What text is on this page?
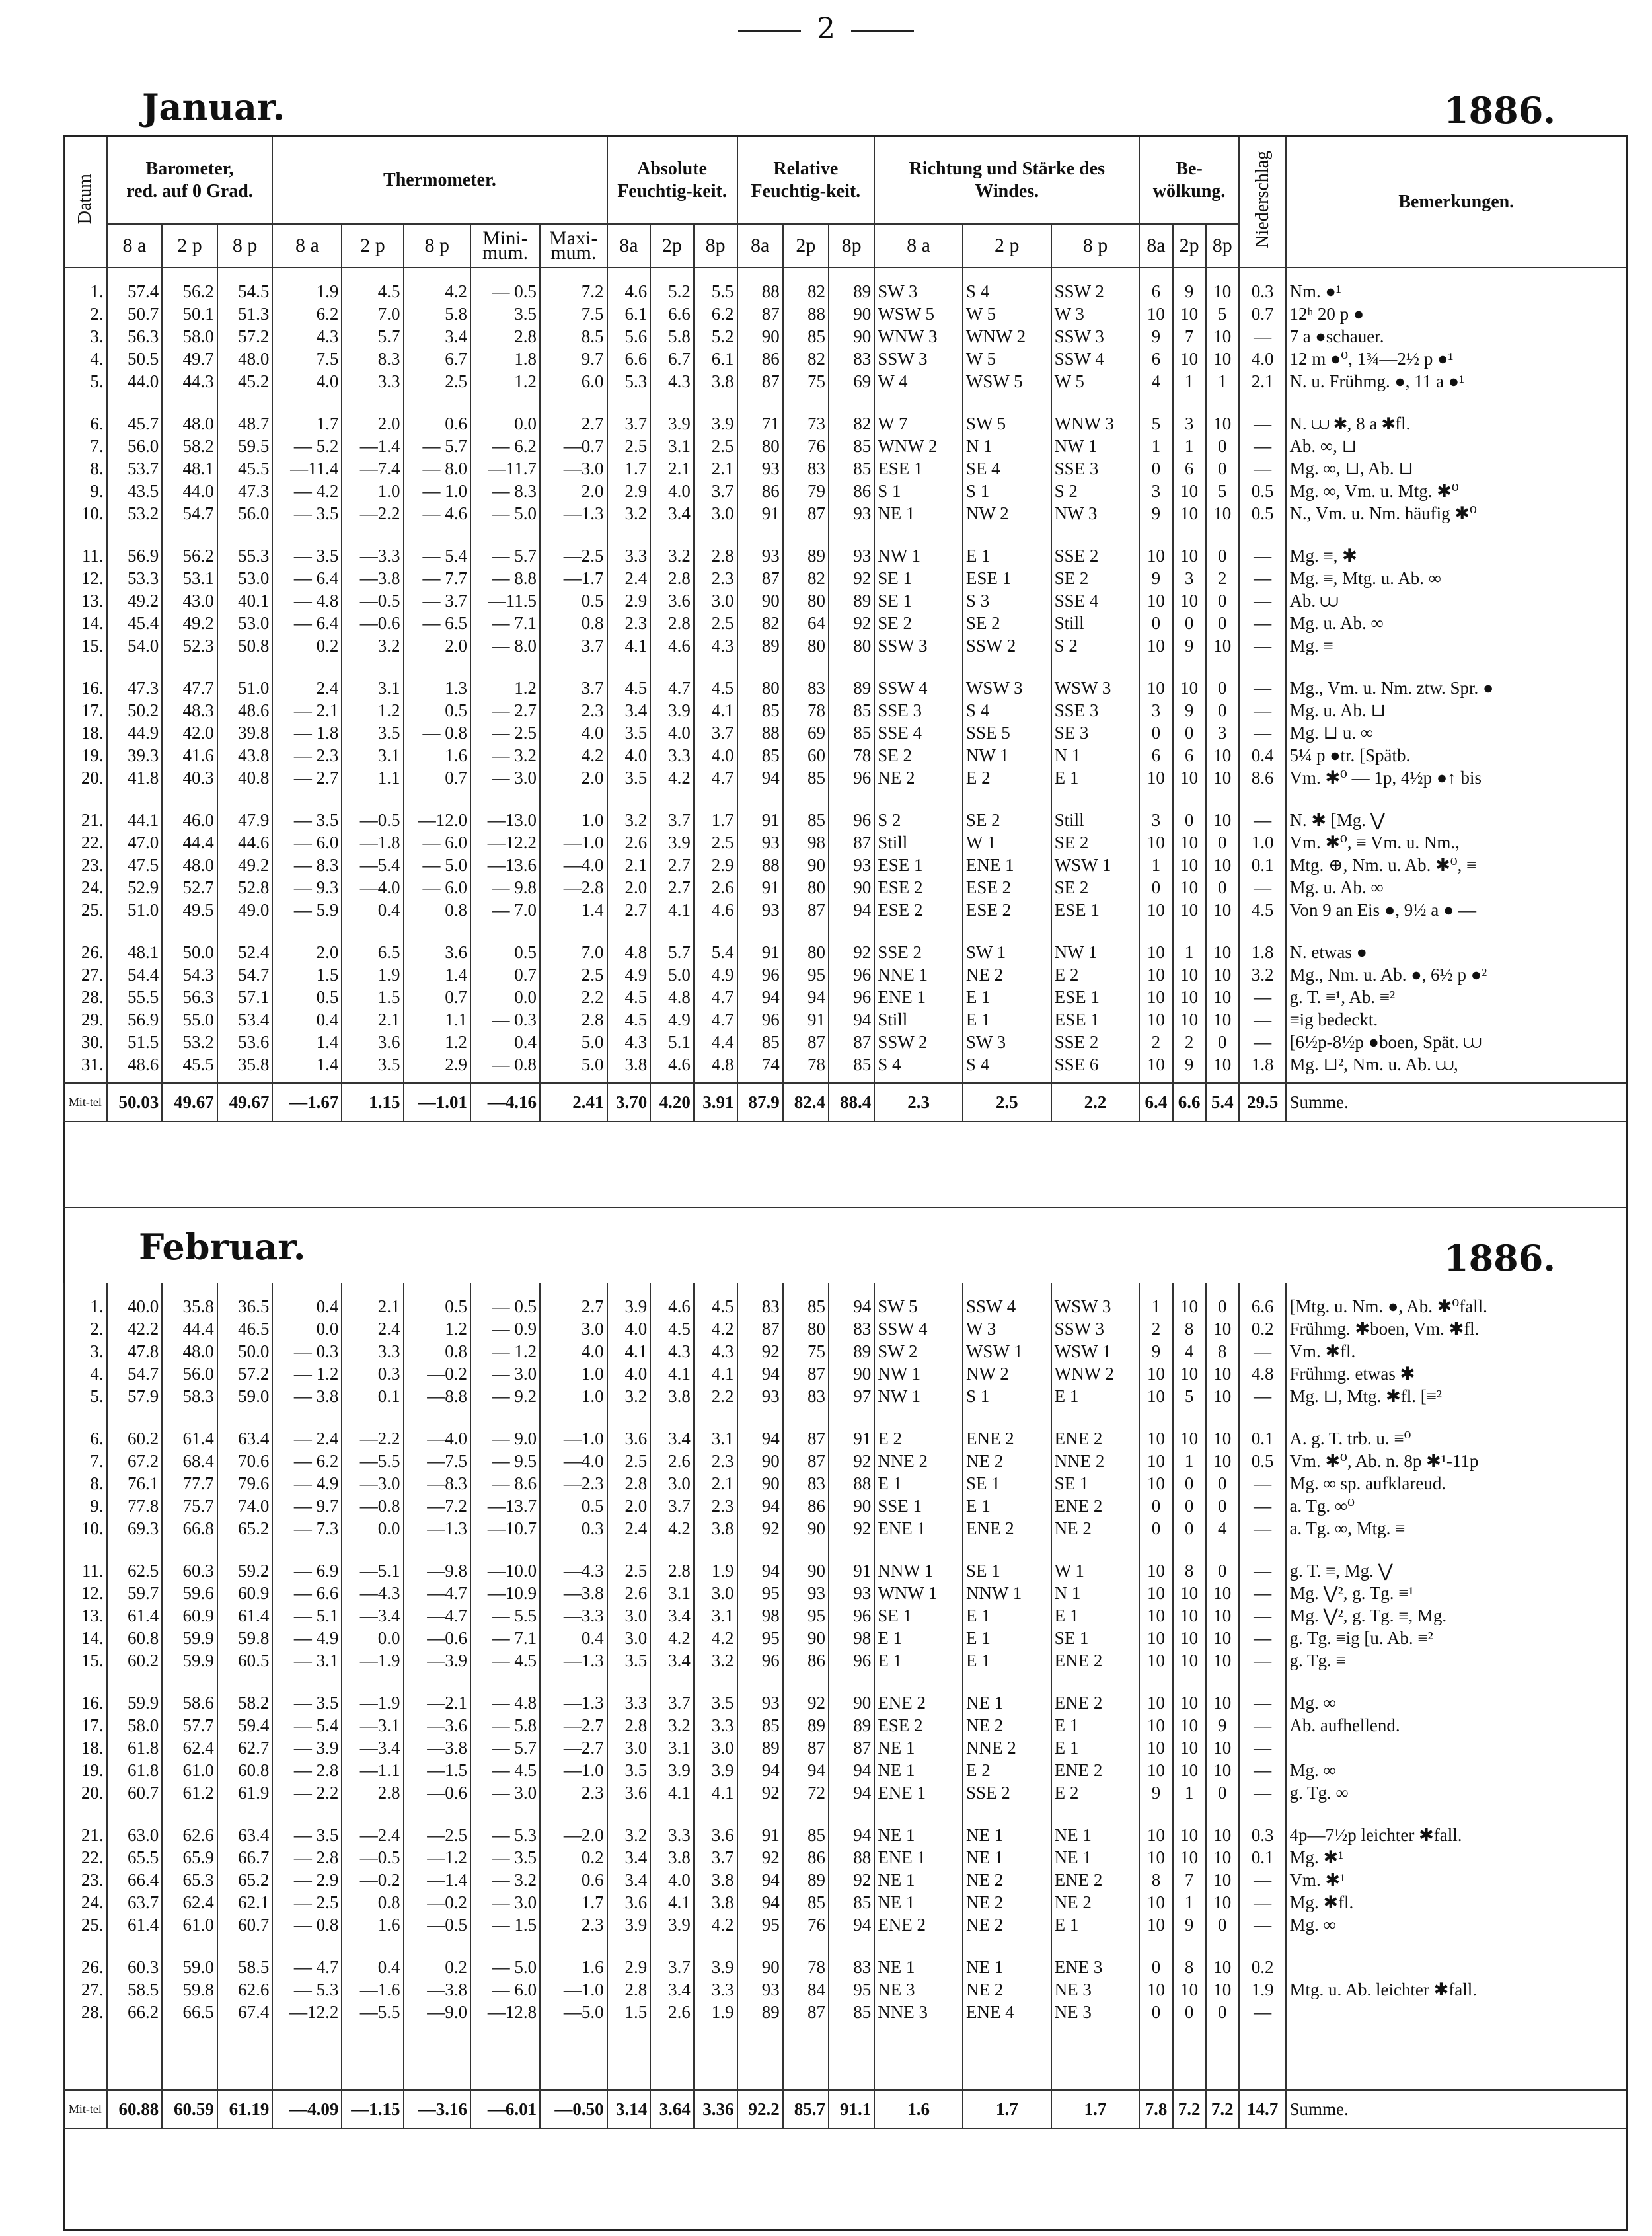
2
Januar.	1886.
Februar.	1886.
Datum	Barometer,
red. auf 0 Grad.			Thermometer.					Absolute Feuchtig-keit.			Relative Feuchtig-keit.			Richtung und Stärke des Windes.			Be-wölkung.			Niederschlag	Bemerkungen.
	8 a	2 p	8 p	8 a	2 p	8 p	Mini-mum.	Maxi-mum.	8a	2p	8p	8a	2p	8p	8 a	2 p	8 p	8a	2p	8p		

1.	57.4	56.2	54.5	1.9	4.5	4.2	— 0.5	7.2	4.6	5.2	5.5	88	82	89	SW 3	S 4	SSW 2	6	9	10	0.3	Nm. ●¹
2.	50.7	50.1	51.3	6.2	7.0	5.8	3.5	7.5	6.1	6.6	6.2	87	88	90	WSW 5	W 5	W 3	10	10	5	0.7	12ʰ 20 p ●
3.	56.3	58.0	57.2	4.3	5.7	3.4	2.8	8.5	5.6	5.8	5.2	90	85	90	WNW 3	WNW 2	SSW 3	9	7	10	—	7 a ●schauer.
4.	50.5	49.7	48.0	7.5	8.3	6.7	1.8	9.7	6.6	6.7	6.1	86	82	83	SSW 3	W 5	SSW 4	6	10	10	4.0	12 m ●⁰, 1¾—2½ p ●¹
5.	44.0	44.3	45.2	4.0	3.3	2.5	1.2	6.0	5.3	4.3	3.8	87	75	69	W 4	WSW 5	W 5	4	1	1	2.1	N. u. Frühmg. ●, 11 a ●¹

6.	45.7	48.0	48.7	1.7	2.0	0.6	0.0	2.7	3.7	3.9	3.9	71	73	82	W 7	SW 5	WNW 3	5	3	10	—	N. ⩊ ✱, 8 a ✱fl.
7.	56.0	58.2	59.5	— 5.2	—1.4	— 5.7	— 6.2	—0.7	2.5	3.1	2.5	80	76	85	WNW 2	N 1	NW 1	1	1	0	—	Ab. ∞, ⊔
8.	53.7	48.1	45.5	—11.4	—7.4	— 8.0	—11.7	—3.0	1.7	2.1	2.1	93	83	85	ESE 1	SE 4	SSE 3	0	6	0	—	Mg. ∞, ⊔, Ab. ⊔
9.	43.5	44.0	47.3	— 4.2	1.0	— 1.0	— 8.3	2.0	2.9	4.0	3.7	86	79	86	S 1	S 1	S 2	3	10	5	0.5	Mg. ∞, Vm. u. Mtg. ✱⁰
10.	53.2	54.7	56.0	— 3.5	—2.2	— 4.6	— 5.0	—1.3	3.2	3.4	3.0	91	87	93	NE 1	NW 2	NW 3	9	10	10	0.5	N., Vm. u. Nm. häufig ✱⁰

11.	56.9	56.2	55.3	— 3.5	—3.3	— 5.4	— 5.7	—2.5	3.3	3.2	2.8	93	89	93	NW 1	E 1	SSE 2	10	10	0	—	Mg. ≡, ✱
12.	53.3	53.1	53.0	— 6.4	—3.8	— 7.7	— 8.8	—1.7	2.4	2.8	2.3	87	82	92	SE 1	ESE 1	SE 2	9	3	2	—	Mg. ≡, Mtg. u. Ab. ∞
13.	49.2	43.0	40.1	— 4.8	—0.5	— 3.7	—11.5	0.5	2.9	3.6	3.0	90	80	89	SE 1	S 3	SSE 4	10	10	0	—	Ab. ⩊
14.	45.4	49.2	53.0	— 6.4	—0.6	— 6.5	— 7.1	0.8	2.3	2.8	2.5	82	64	92	SE 2	SE 2	Still	0	0	0	—	Mg. u. Ab. ∞
15.	54.0	52.3	50.8	0.2	3.2	2.0	— 8.0	3.7	4.1	4.6	4.3	89	80	80	SSW 3	SSW 2	S 2	10	9	10	—	Mg. ≡

16.	47.3	47.7	51.0	2.4	3.1	1.3	1.2	3.7	4.5	4.7	4.5	80	83	89	SSW 4	WSW 3	WSW 3	10	10	0	—	Mg., Vm. u. Nm. ztw. Spr. ●
17.	50.2	48.3	48.6	— 2.1	1.2	0.5	— 2.7	2.3	3.4	3.9	4.1	85	78	85	SSE 3	S 4	SSE 3	3	9	0	—	Mg. u. Ab. ⊔
18.	44.9	42.0	39.8	— 1.8	3.5	— 0.8	— 2.5	4.0	3.5	4.0	3.7	88	69	85	SSE 4	SSE 5	SE 3	0	0	3	—	Mg. ⊔ u. ∞
19.	39.3	41.6	43.8	— 2.3	3.1	1.6	— 3.2	4.2	4.0	3.3	4.0	85	60	78	SE 2	NW 1	N 1	6	6	10	0.4	5¼ p ●tr. [Spätb.
20.	41.8	40.3	40.8	— 2.7	1.1	0.7	— 3.0	2.0	3.5	4.2	4.7	94	85	96	NE 2	E 2	E 1	10	10	10	8.6	Vm. ✱⁰ — 1p, 4½p ●↑ bis

21.	44.1	46.0	47.9	— 3.5	—0.5	—12.0	—13.0	1.0	3.2	3.7	1.7	91	85	96	S 2	SE 2	Still	3	0	10	—	N. ✱ [Mg. ⋁
22.	47.0	44.4	44.6	— 6.0	—1.8	— 6.0	—12.2	—1.0	2.6	3.9	2.5	93	98	87	Still	W 1	SE 2	10	10	0	1.0	Vm. ✱⁰, ≡ Vm. u. Nm.,
23.	47.5	48.0	49.2	— 8.3	—5.4	— 5.0	—13.6	—4.0	2.1	2.7	2.9	88	90	93	ESE 1	ENE 1	WSW 1	1	10	10	0.1	Mtg. ⊕, Nm. u. Ab. ✱⁰, ≡
24.	52.9	52.7	52.8	— 9.3	—4.0	— 6.0	— 9.8	—2.8	2.0	2.7	2.6	91	80	90	ESE 2	ESE 2	SE 2	0	10	0	—	Mg. u. Ab. ∞
25.	51.0	49.5	49.0	— 5.9	0.4	0.8	— 7.0	1.4	2.7	4.1	4.6	93	87	94	ESE 2	ESE 2	ESE 1	10	10	10	4.5	Von 9 an Eis ●, 9½ a ● —

26.	48.1	50.0	52.4	2.0	6.5	3.6	0.5	7.0	4.8	5.7	5.4	91	80	92	SSE 2	SW 1	NW 1	10	1	10	1.8	N. etwas ●
27.	54.4	54.3	54.7	1.5	1.9	1.4	0.7	2.5	4.9	5.0	4.9	96	95	96	NNE 1	NE 2	E 2	10	10	10	3.2	Mg., Nm. u. Ab. ●, 6½ p ●²
28.	55.5	56.3	57.1	0.5	1.5	0.7	0.0	2.2	4.5	4.8	4.7	94	94	96	ENE 1	E 1	ESE 1	10	10	10	—	g. T. ≡¹, Ab. ≡²
29.	56.9	55.0	53.4	0.4	2.1	1.1	— 0.3	2.8	4.5	4.9	4.7	96	91	94	Still	E 1	ESE 1	10	10	10	—	≡ig bedeckt.
30.	51.5	53.2	53.6	1.4	3.6	1.2	0.4	5.0	4.3	5.1	4.4	85	87	87	SSW 2	SW 3	SSE 2	2	2	0	—	[6½p-8½p ●boen, Spät. ⩊
31.	48.6	45.5	35.8	1.4	3.5	2.9	— 0.8	5.0	3.8	4.6	4.8	74	78	85	S 4	S 4	SSE 6	10	9	10	1.8	Mg. ⊔², Nm. u. Ab. ⩊,

Mit-tel	50.03	49.67	49.67	—1.67	1.15	—1.01	—4.16	2.41	3.70	4.20	3.91	87.9	82.4	88.4	2.3	2.5	2.2	6.4	6.6	5.4	29.5	Summe.

1.	40.0	35.8	36.5	0.4	2.1	0.5	— 0.5	2.7	3.9	4.6	4.5	83	85	94	SW 5	SSW 4	WSW 3	1	10	0	6.6	[Mtg. u. Nm. ●, Ab. ✱⁰fall.
2.	42.2	44.4	46.5	0.0	2.4	1.2	— 0.9	3.0	4.0	4.5	4.2	87	80	83	SSW 4	W 3	SSW 3	2	8	10	0.2	Frühmg. ✱boen, Vm. ✱fl.
3.	47.8	48.0	50.0	— 0.3	3.3	0.8	— 1.2	4.0	4.1	4.3	4.3	92	75	89	SW 2	WSW 1	WSW 1	9	4	8	—	Vm. ✱fl.
4.	54.7	56.0	57.2	— 1.2	0.3	—0.2	— 3.0	1.0	4.0	4.1	4.1	94	87	90	NW 1	NW 2	WNW 2	10	10	10	4.8	Frühmg. etwas ✱
5.	57.9	58.3	59.0	— 3.8	0.1	—8.8	— 9.2	1.0	3.2	3.8	2.2	93	83	97	NW 1	S 1	E 1	10	5	10	—	Mg. ⊔, Mtg. ✱fl. [≡²

6.	60.2	61.4	63.4	— 2.4	—2.2	—4.0	— 9.0	—1.0	3.6	3.4	3.1	94	87	91	E 2	ENE 2	ENE 2	10	10	10	0.1	A. g. T. trb. u. ≡⁰
7.	67.2	68.4	70.6	— 6.2	—5.5	—7.5	— 9.5	—4.0	2.5	2.6	2.3	90	87	92	NNE 2	NE 2	NNE 2	10	1	10	0.5	Vm. ✱⁰, Ab. n. 8p ✱¹-11p
8.	76.1	77.7	79.6	— 4.9	—3.0	—8.3	— 8.6	—2.3	2.8	3.0	2.1	90	83	88	E 1	SE 1	SE 1	10	0	0	—	Mg. ∞ sp. aufklareud.
9.	77.8	75.7	74.0	— 9.7	—0.8	—7.2	—13.7	0.5	2.0	3.7	2.3	94	86	90	SSE 1	E 1	ENE 2	0	0	0	—	a. Tg. ∞⁰
10.	69.3	66.8	65.2	— 7.3	0.0	—1.3	—10.7	0.3	2.4	4.2	3.8	92	90	92	ENE 1	ENE 2	NE 2	0	0	4	—	a. Tg. ∞, Mtg. ≡

11.	62.5	60.3	59.2	— 6.9	—5.1	—9.8	—10.0	—4.3	2.5	2.8	1.9	94	90	91	NNW 1	SE 1	W 1	10	8	0	—	g. T. ≡, Mg. ⋁
12.	59.7	59.6	60.9	— 6.6	—4.3	—4.7	—10.9	—3.8	2.6	3.1	3.0	95	93	93	WNW 1	NNW 1	N 1	10	10	10	—	Mg. ⋁², g. Tg. ≡¹
13.	61.4	60.9	61.4	— 5.1	—3.4	—4.7	— 5.5	—3.3	3.0	3.4	3.1	98	95	96	SE 1	E 1	E 1	10	10	10	—	Mg. ⋁², g. Tg. ≡, Mg.
14.	60.8	59.9	59.8	— 4.9	0.0	—0.6	— 7.1	0.4	3.0	4.2	4.2	95	90	98	E 1	E 1	SE 1	10	10	10	—	g. Tg. ≡ig [u. Ab. ≡²
15.	60.2	59.9	60.5	— 3.1	—1.9	—3.9	— 4.5	—1.3	3.5	3.4	3.2	96	86	96	E 1	E 1	ENE 2	10	10	10	—	g. Tg. ≡

16.	59.9	58.6	58.2	— 3.5	—1.9	—2.1	— 4.8	—1.3	3.3	3.7	3.5	93	92	90	ENE 2	NE 1	ENE 2	10	10	10	—	Mg. ∞
17.	58.0	57.7	59.4	— 5.4	—3.1	—3.6	— 5.8	—2.7	2.8	3.2	3.3	85	89	89	ESE 2	NE 2	E 1	10	10	9	—	Ab. aufhellend.
18.	61.8	62.4	62.7	— 3.9	—3.4	—3.8	— 5.7	—2.7	3.0	3.1	3.0	89	87	87	NE 1	NNE 2	E 1	10	10	10	—	
19.	61.8	61.0	60.8	— 2.8	—1.1	—1.5	— 4.5	—1.0	3.5	3.9	3.9	94	94	94	NE 1	E 2	ENE 2	10	10	10	—	Mg. ∞
20.	60.7	61.2	61.9	— 2.2	2.8	—0.6	— 3.0	2.3	3.6	4.1	4.1	92	72	94	ENE 1	SSE 2	E 2	9	1	0	—	g. Tg. ∞

21.	63.0	62.6	63.4	— 3.5	—2.4	—2.5	— 5.3	—2.0	3.2	3.3	3.6	91	85	94	NE 1	NE 1	NE 1	10	10	10	0.3	4p—7½p leichter ✱fall.
22.	65.5	65.9	66.7	— 2.8	—0.5	—1.2	— 3.5	0.2	3.4	3.8	3.7	92	86	88	ENE 1	NE 1	NE 1	10	10	10	0.1	Mg. ✱¹
23.	66.4	65.3	65.2	— 2.9	—0.2	—1.4	— 3.2	0.6	3.4	4.0	3.8	94	89	92	NE 1	NE 2	ENE 2	8	7	10	—	Vm. ✱¹
24.	63.7	62.4	62.1	— 2.5	0.8	—0.2	— 3.0	1.7	3.6	4.1	3.8	94	85	85	NE 1	NE 2	NE 2	10	1	10	—	Mg. ✱fl.
25.	61.4	61.0	60.7	— 0.8	1.6	—0.5	— 1.5	2.3	3.9	3.9	4.2	95	76	94	ENE 2	NE 2	E 1	10	9	0	—	Mg. ∞

26.	60.3	59.0	58.5	— 4.7	0.4	0.2	— 5.0	1.6	2.9	3.7	3.9	90	78	83	NE 1	NE 1	ENE 3	0	8	10	0.2	
27.	58.5	59.8	62.6	— 5.3	—1.6	—3.8	— 6.0	—1.0	2.8	3.4	3.3	93	84	95	NE 3	NE 2	NE 3	10	10	10	1.9	Mtg. u. Ab. leichter ✱fall.
28.	66.2	66.5	67.4	—12.2	—5.5	—9.0	—12.8	—5.0	1.5	2.6	1.9	89	87	85	NNE 3	ENE 4	NE 3	0	0	0	—	

Mit-tel	60.88	60.59	61.19	—4.09	—1.15	—3.16	—6.01	—0.50	3.14	3.64	3.36	92.2	85.7	91.1	1.6	1.7	1.7	7.8	7.2	7.2	14.7	Summe.
